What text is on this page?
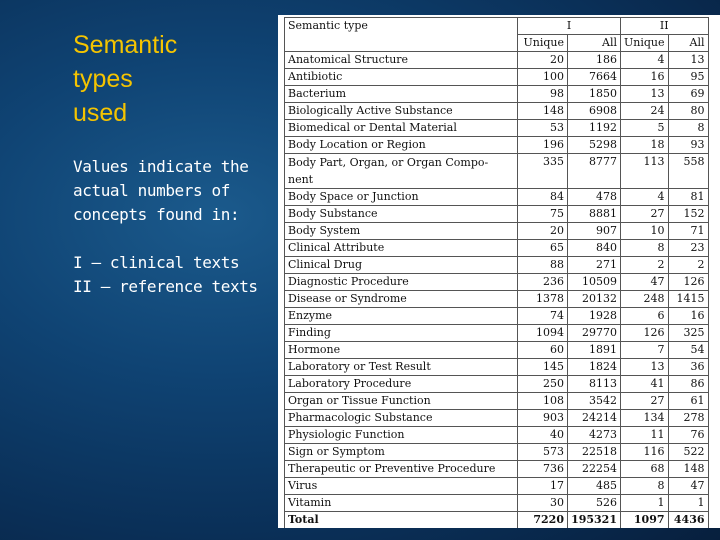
Semantic
types
used

Values indicate the actual numbers of concepts found in:

I – clinical texts

II – reference texts

Semantic type	I		II	
	Unique	All	Unique	All
Anatomical Structure	20	186	4	13
Antibiotic	100	7664	16	95
Bacterium	98	1850	13	69
Biologically Active Substance	148	6908	24	80
Biomedical or Dental Material	53	1192	5	8
Body Location or Region	196	5298	18	93
Body Part, Organ, or Organ Compo- nent	335	8777	113	558
Body Space or Junction	84	478	4	81
Body Substance	75	8881	27	152
Body System	20	907	10	71
Clinical Attribute	65	840	8	23
Clinical Drug	88	271	2	2
Diagnostic Procedure	236	10509	47	126
Disease or Syndrome	1378	20132	248	1415
Enzyme	74	1928	6	16
Finding	1094	29770	126	325
Hormone	60	1891	7	54
Laboratory or Test Result	145	1824	13	36
Laboratory Procedure	250	8113	41	86
Organ or Tissue Function	108	3542	27	61
Pharmacologic Substance	903	24214	134	278
Physiologic Function	40	4273	11	76
Sign or Symptom	573	22518	116	522
Therapeutic or Preventive Procedure	736	22254	68	148
Virus	17	485	8	47
Vitamin	30	526	1	1
Total	7220	195321	1097	4436
